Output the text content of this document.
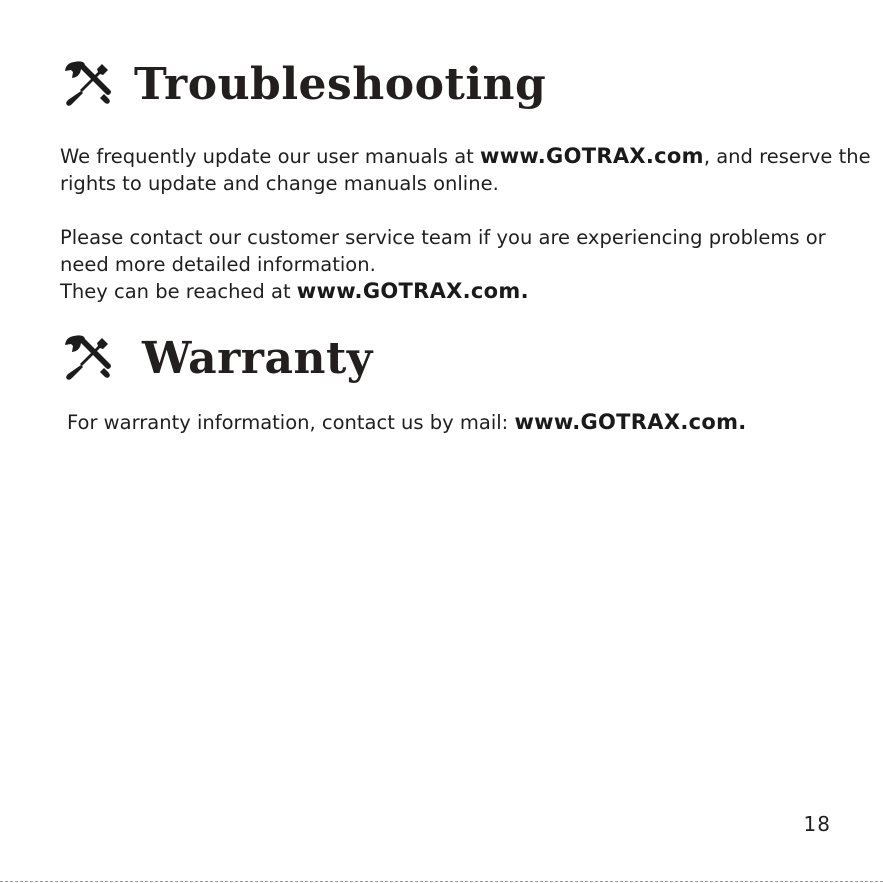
Troubleshooting
We frequently update our user manuals at www.GOTRAX.com, and reserve the
rights to update and change manuals online.
Please contact our customer service team if you are experiencing problems or
need more detailed information.
They can be reached at www.GOTRAX.com.
Warranty
For warranty information, contact us by mail: www.GOTRAX.com.
18
